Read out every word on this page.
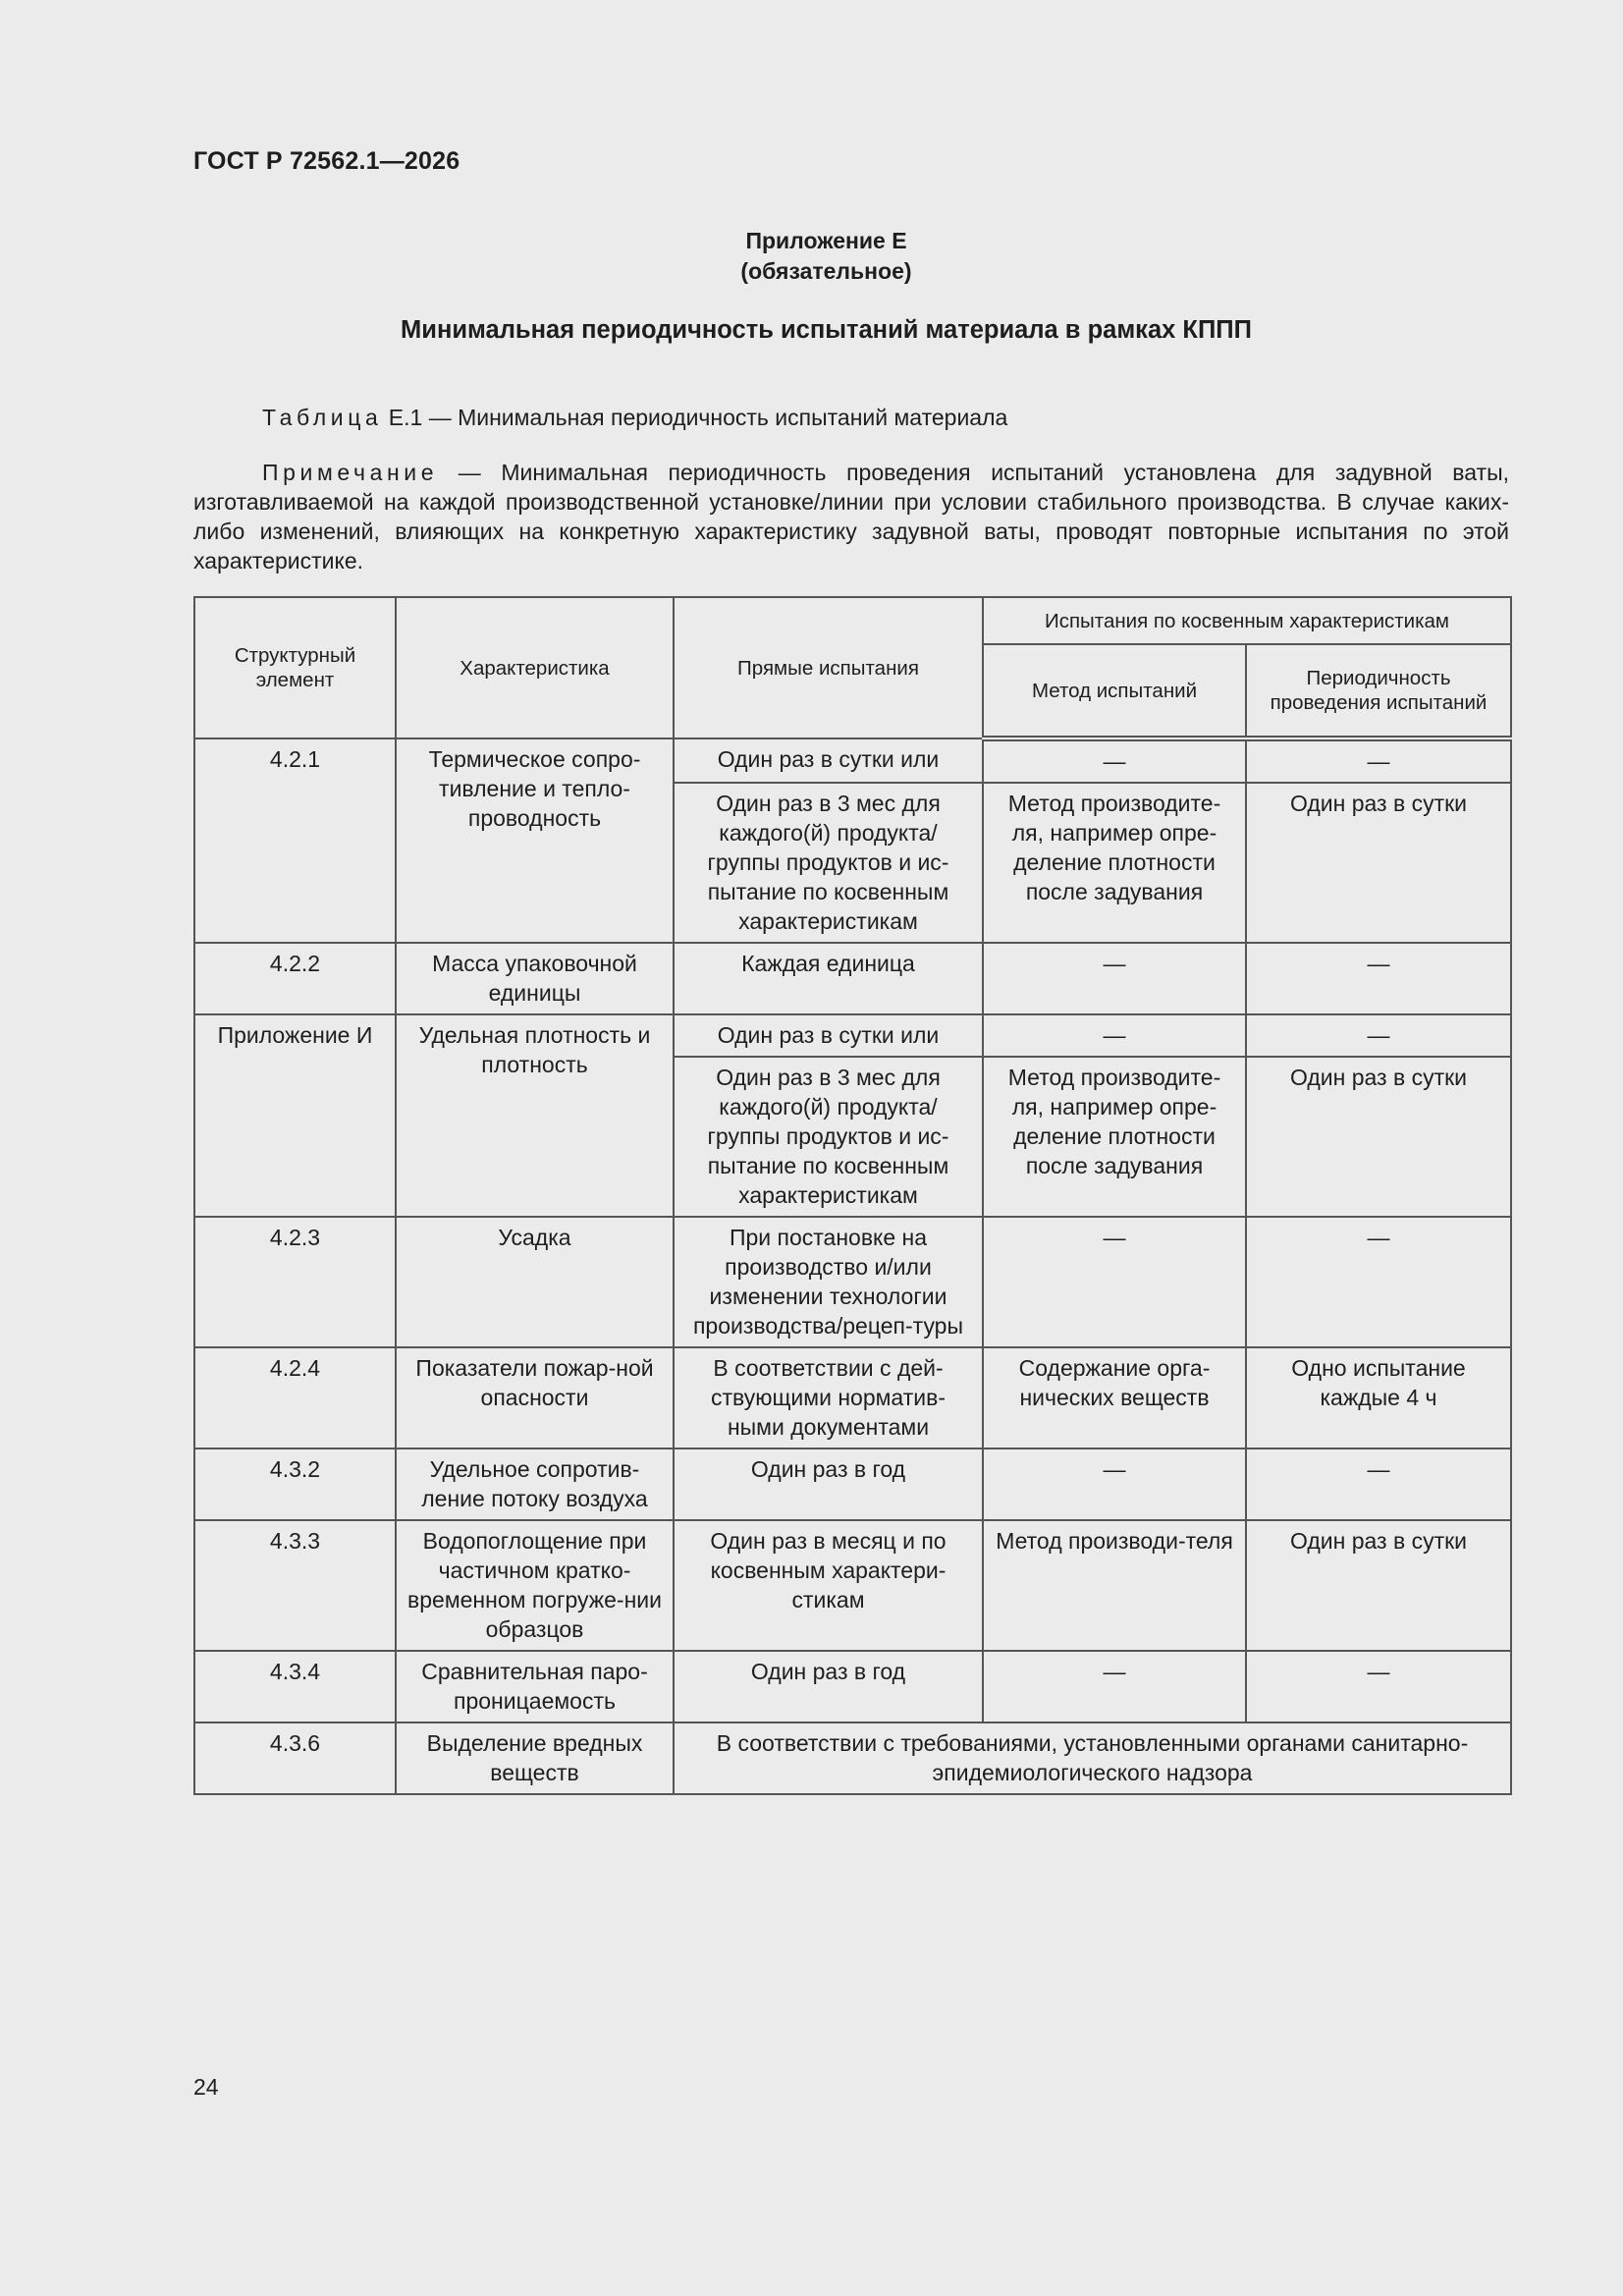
ГОСТ Р 72562.1—2026
Приложение Е
(обязательное)
Минимальная периодичность испытаний материала в рамках КППП
Таблица Е.1 — Минимальная периодичность испытаний материала
Примечание — Минимальная периодичность проведения испытаний установлена для задувной ваты, изготавливаемой на каждой производственной установке/линии при условии стабильного производства. В случае каких-либо изменений, влияющих на конкретную характеристику задувной ваты, проводят повторные испытания по этой характеристике.
Структурный элемент	Характеристика	Прямые испытания	Испытания по косвенным характеристикам	
			Метод испытаний	Периодичность проведения испытаний
4.2.1	Термическое сопро-тивление и тепло-проводность	Один раз в сутки или	—	—
		Один раз в 3 мес для каждого(й) продукта/ группы продуктов и ис-пытание по косвенным характеристикам	Метод производите-ля, например опре-деление плотности после задувания	Один раз в сутки
4.2.2	Масса упаковочной единицы	Каждая единица	—	—
Приложение И	Удельная плотность и плотность	Один раз в сутки или	—	—
		Один раз в 3 мес для каждого(й) продукта/ группы продуктов и ис-пытание по косвенным характеристикам	Метод производите-ля, например опре-деление плотности после задувания	Один раз в сутки
4.2.3	Усадка	При постановке на производство и/или изменении технологии производства/рецеп-туры	—	—
4.2.4	Показатели пожар-ной опасности	В соответствии с дей-ствующими норматив-ными документами	Содержание орга-нических веществ	Одно испытание каждые 4 ч
4.3.2	Удельное сопротив-ление потоку воздуха	Один раз в год	—	—
4.3.3	Водопоглощение при частичном кратко-временном погруже-нии образцов	Один раз в месяц и по косвенным характери-стикам	Метод производи-теля	Один раз в сутки
4.3.4	Сравнительная паро-проницаемость	Один раз в год	—	—
4.3.6	Выделение вредных веществ	В соответствии с требованиями, установленными органами санитарно-эпидемиологического надзора		
24
